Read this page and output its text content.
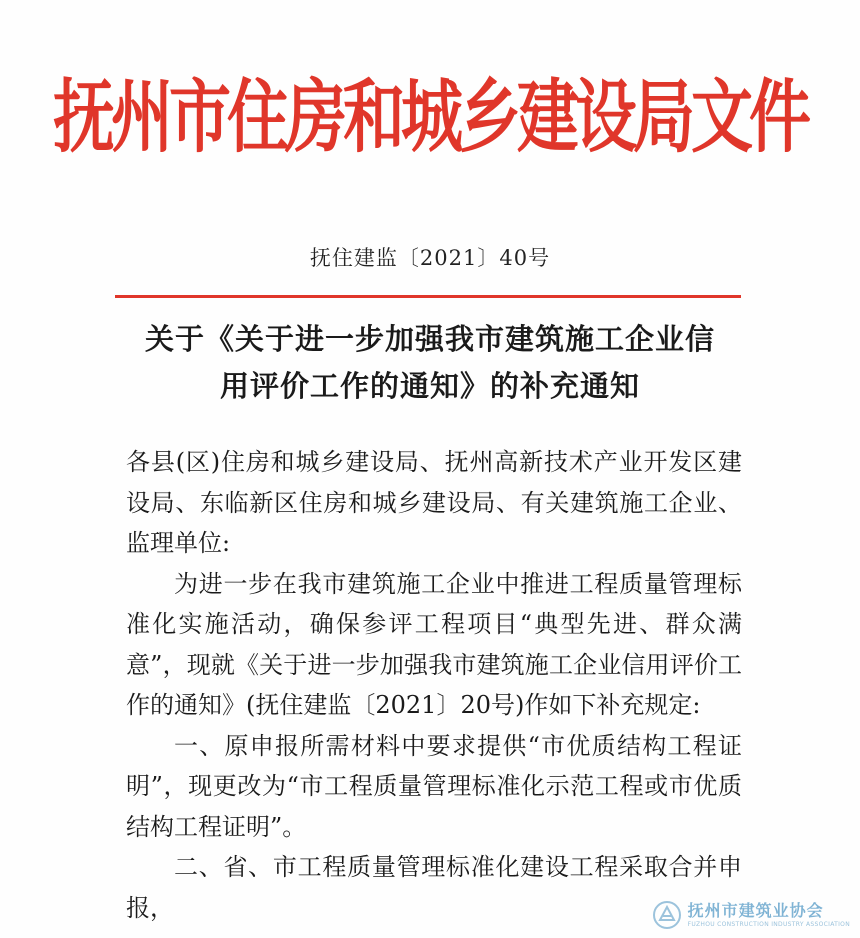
抚州市住房和城乡建设局文件
抚住建监〔2021〕40号
关于《关于进一步加强我市建筑施工企业信
用评价工作的通知》的补充通知

各县(区)住房和城乡建设局、抚州高新技术产业开发区建设局、东临新区住房和城乡建设局、有关建筑施工企业、监理单位:

为进一步在我市建筑施工企业中推进工程质量管理标准化实施活动，确保参评工程项目“典型先进、群众满意”，现就《关于进一步加强我市建筑施工企业信用评价工作的通知》(抚住建监〔2021〕20号)作如下补充规定:

一、原申报所需材料中要求提供“市优质结构工程证明”，现更改为“市工程质量管理标准化示范工程或市优质结构工程证明”。

二、省、市工程质量管理标准化建设工程采取合并申报，	抚州市建筑业协会
FUZHOU CONSTRUCTION INDUSTRY ASSOCIATION
